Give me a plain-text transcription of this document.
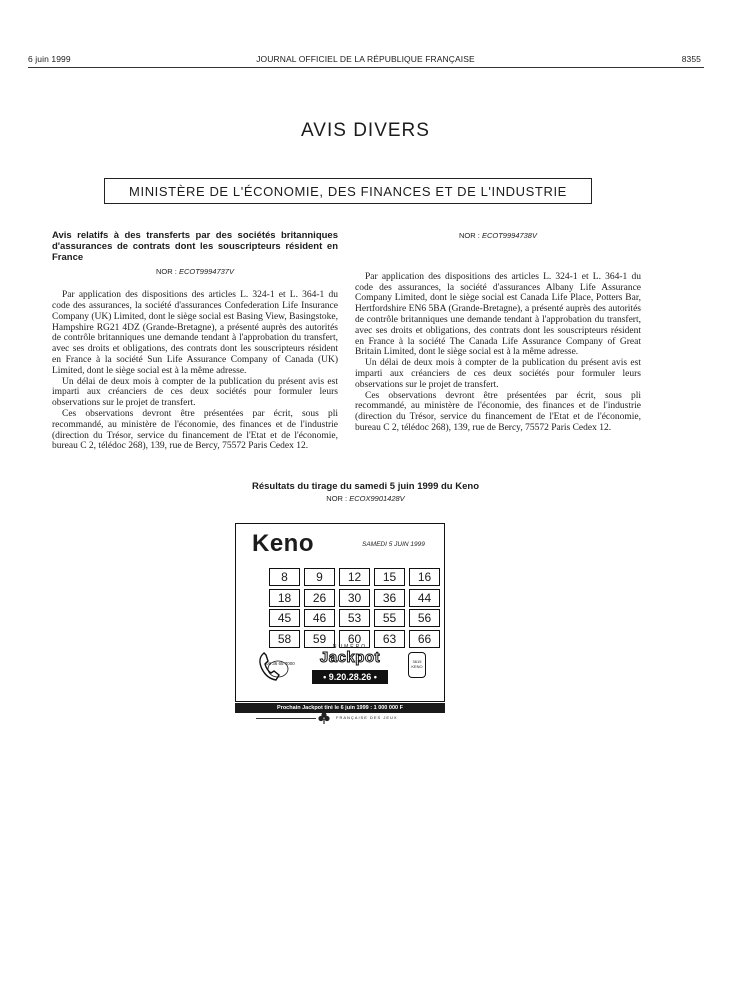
6 juin 1999	JOURNAL OFFICIEL DE LA RÉPUBLIQUE FRANÇAISE	8355
AVIS DIVERS
MINISTÈRE DE L'ÉCONOMIE, DES FINANCES ET DE L'INDUSTRIE

Avis relatifs à des transferts par des sociétés britanniques d'assurances de contrats dont les souscripteurs résident en France

NOR : ECOT9994737V

Par application des dispositions des articles L. 324-1 et L. 364-1 du code des assurances, la société d'assurances Confederation Life Insurance Company (UK) Limited, dont le siège social est Basing View, Basingstoke, Hampshire RG21 4DZ (Grande-Bretagne), a présenté auprès des autorités de contrôle britanniques une demande tendant à l'approbation du transfert, avec ses droits et obligations, des contrats dont les souscripteurs résident en France à la société Sun Life Assurance Company of Canada (UK) Limited, dont le siège social est à la même adresse.

Un délai de deux mois à compter de la publication du présent avis est imparti aux créanciers de ces deux sociétés pour formuler leurs observations sur le projet de transfert.

Ces observations devront être présentées par écrit, sous pli recommandé, au ministère de l'économie, des finances et de l'industrie (direction du Trésor, service du financement de l'Etat et de l'économie, bureau C 2, télédoc 268), 139, rue de Bercy, 75572 Paris Cedex 12.

NOR : ECOT9994738V

Par application des dispositions des articles L. 324-1 et L. 364-1 du code des assurances, la société d'assurances Albany Life Assurance Company Limited, dont le siège social est Canada Life Place, Potters Bar, Hertfordshire EN6 5BA (Grande-Bretagne), a présenté auprès des autorités de contrôle britanniques une demande tendant à l'approbation du transfert, avec ses droits et obligations, des contrats dont les souscripteurs résident en France à la société The Canada Life Assurance Company of Great Britain Limited, dont le siège social est à la même adresse.

Un délai de deux mois à compter de la publication du présent avis est imparti aux créanciers de ces deux sociétés pour formuler leurs observations sur le projet de transfert.

Ces observations devront être présentées par écrit, sous pli recommandé, au ministère de l'économie, des finances et de l'industrie (direction du Trésor, service du financement de l'Etat et de l'économie, bureau C 2, télédoc 268), 139, rue de Bercy, 75572 Paris Cedex 12.

Résultats du tirage du samedi 5 juin 1999 du Keno
NOR : ECOX9901428V
Keno	SAMEDI 5 JUIN 1999
8	9	12	15	16
18	26	30	36	44
45	46	53	55	56
58	59	60	63	66
08 36 65 7000
NUMÉRO
Jackpot
• 9.20.28.26 •
3615 KENO
Prochain Jackpot tiré le 6 juin 1999 : 1 000 000 F
FRANÇAISE DES JEUX
